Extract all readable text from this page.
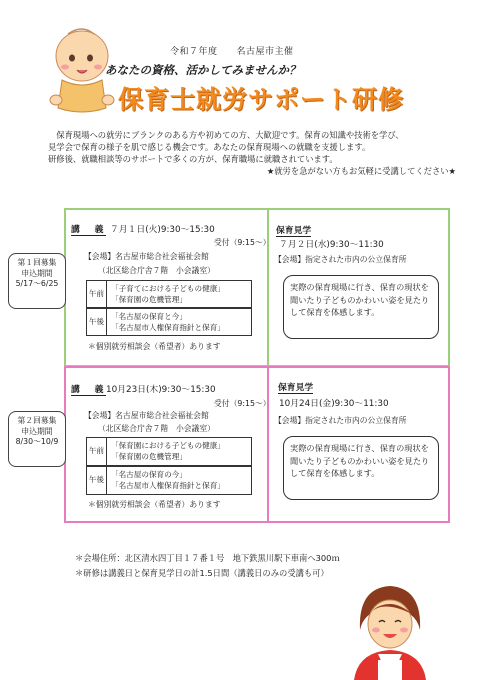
令和７年度　　名古屋市主催
あなたの資格、活かしてみませんか？
保育士就労サポート研修

　保育現場への就労にブランクのある方や初めての方、大歓迎です。保育の知識や技術を学び、

見学会で保育の様子を肌で感じる機会です。あなたの保育現場への就職を支援します。

研修後、就職相談等のサポートで多くの方が、保育職場に就職されています。

★就労を急がない方もお気軽に受講してください★

講　義 ７月１日(火)9:30〜15:30
受付（9:15〜）
【会場】名古屋市総合社会福祉会館
（北区総合庁舎７階　小会議室）
午前
「子育てにおける子どもの健康」
「保育園の危機管理」
午後
「名古屋の保育と今」
「名古屋市人権保育指針と保育」
＊個別就労相談会（希望者）あります
保育見学
７月２日(水)9:30〜11:30
【会場】指定された市内の公立保育所
実際の保育現場に行き、保育の現状を聞いたり子どものかわいい姿を見たりして保育を体感します。
第１回募集
申込期間
5/17〜6/25
講　義 10月23日(木)9:30〜15:30
受付（9:15〜）
【会場】名古屋市総合社会福祉会館
（北区総合庁舎７階　小会議室）
午前
「保育園における子どもの健康」
「保育園の危機管理」
午後
「名古屋の保育の今」
「名古屋市人権保育指針と保育」
＊個別就労相談会（希望者）あります
保育見学
10月24日(金)9:30〜11:30
【会場】指定された市内の公立保育所
実際の保育現場に行き、保育の現状を聞いたり子どものかわいい姿を見たりして保育を体感します。
第２回募集
申込期間
8/30〜10/9
＊会場住所：北区清水四丁目１７番１号　地下鉄黒川駅下車南へ300ｍ
＊研修は講義日と保育見学日の計1.5日間（講義日のみの受講も可）
